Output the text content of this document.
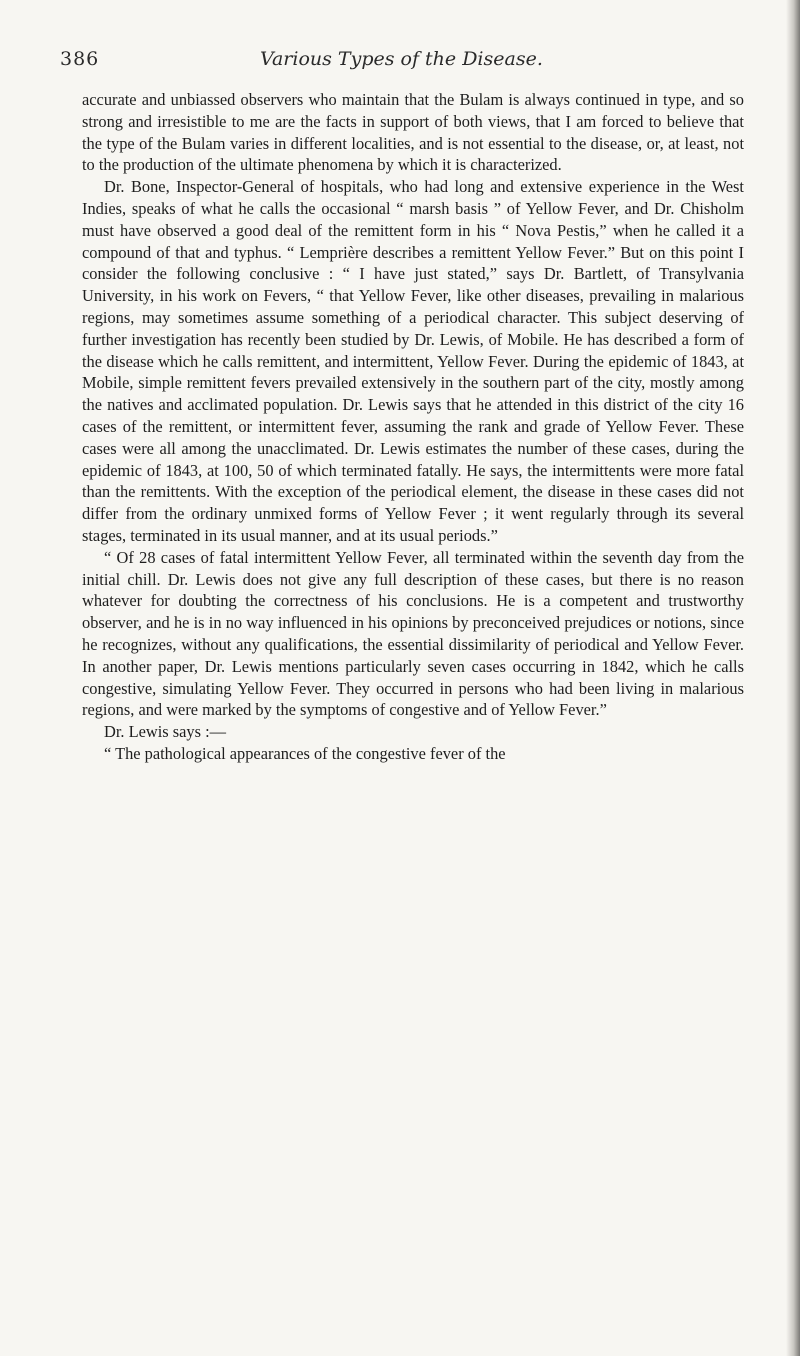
386	Various Types of the Disease.

accurate and unbiassed observers who maintain that the Bulam is always continued in type, and so strong and irresistible to me are the facts in support of both views, that I am forced to believe that the type of the Bulam varies in different localities, and is not essential to the disease, or, at least, not to the production of the ultimate phenomena by which it is characterized.

Dr. Bone, Inspector-General of hospitals, who had long and extensive experience in the West Indies, speaks of what he calls the occasional “ marsh basis ” of Yellow Fever, and Dr. Chisholm must have observed a good deal of the remittent form in his “ Nova Pestis,” when he called it a compound of that and typhus. “ Lemprière describes a remittent Yellow Fever.” But on this point I consider the following conclusive : “ I have just stated,” says Dr. Bartlett, of Transylvania University, in his work on Fevers, “ that Yellow Fever, like other diseases, prevailing in malarious regions, may sometimes assume something of a periodical character. This subject deserving of further investigation has recently been studied by Dr. Lewis, of Mobile. He has described a form of the disease which he calls remittent, and intermittent, Yellow Fever. During the epidemic of 1843, at Mobile, simple remittent fevers prevailed extensively in the southern part of the city, mostly among the natives and acclimated population. Dr. Lewis says that he attended in this district of the city 16 cases of the remittent, or intermittent fever, assuming the rank and grade of Yellow Fever. These cases were all among the unacclimated. Dr. Lewis estimates the number of these cases, during the epidemic of 1843, at 100, 50 of which terminated fatally. He says, the intermittents were more fatal than the remittents. With the exception of the periodical element, the disease in these cases did not differ from the ordinary unmixed forms of Yellow Fever ; it went regularly through its several stages, terminated in its usual manner, and at its usual periods.”

“ Of 28 cases of fatal intermittent Yellow Fever, all terminated within the seventh day from the initial chill. Dr. Lewis does not give any full description of these cases, but there is no reason whatever for doubting the correctness of his conclusions. He is a competent and trustworthy observer, and he is in no way influenced in his opinions by preconceived prejudices or notions, since he recognizes, without any qualifications, the essential dissimilarity of periodical and Yellow Fever. In another paper, Dr. Lewis mentions particularly seven cases occurring in 1842, which he calls congestive, simulating Yellow Fever. They occurred in persons who had been living in malarious regions, and were marked by the symptoms of congestive and of Yellow Fever.”

Dr. Lewis says :—

“ The pathological appearances of the congestive fever of the
